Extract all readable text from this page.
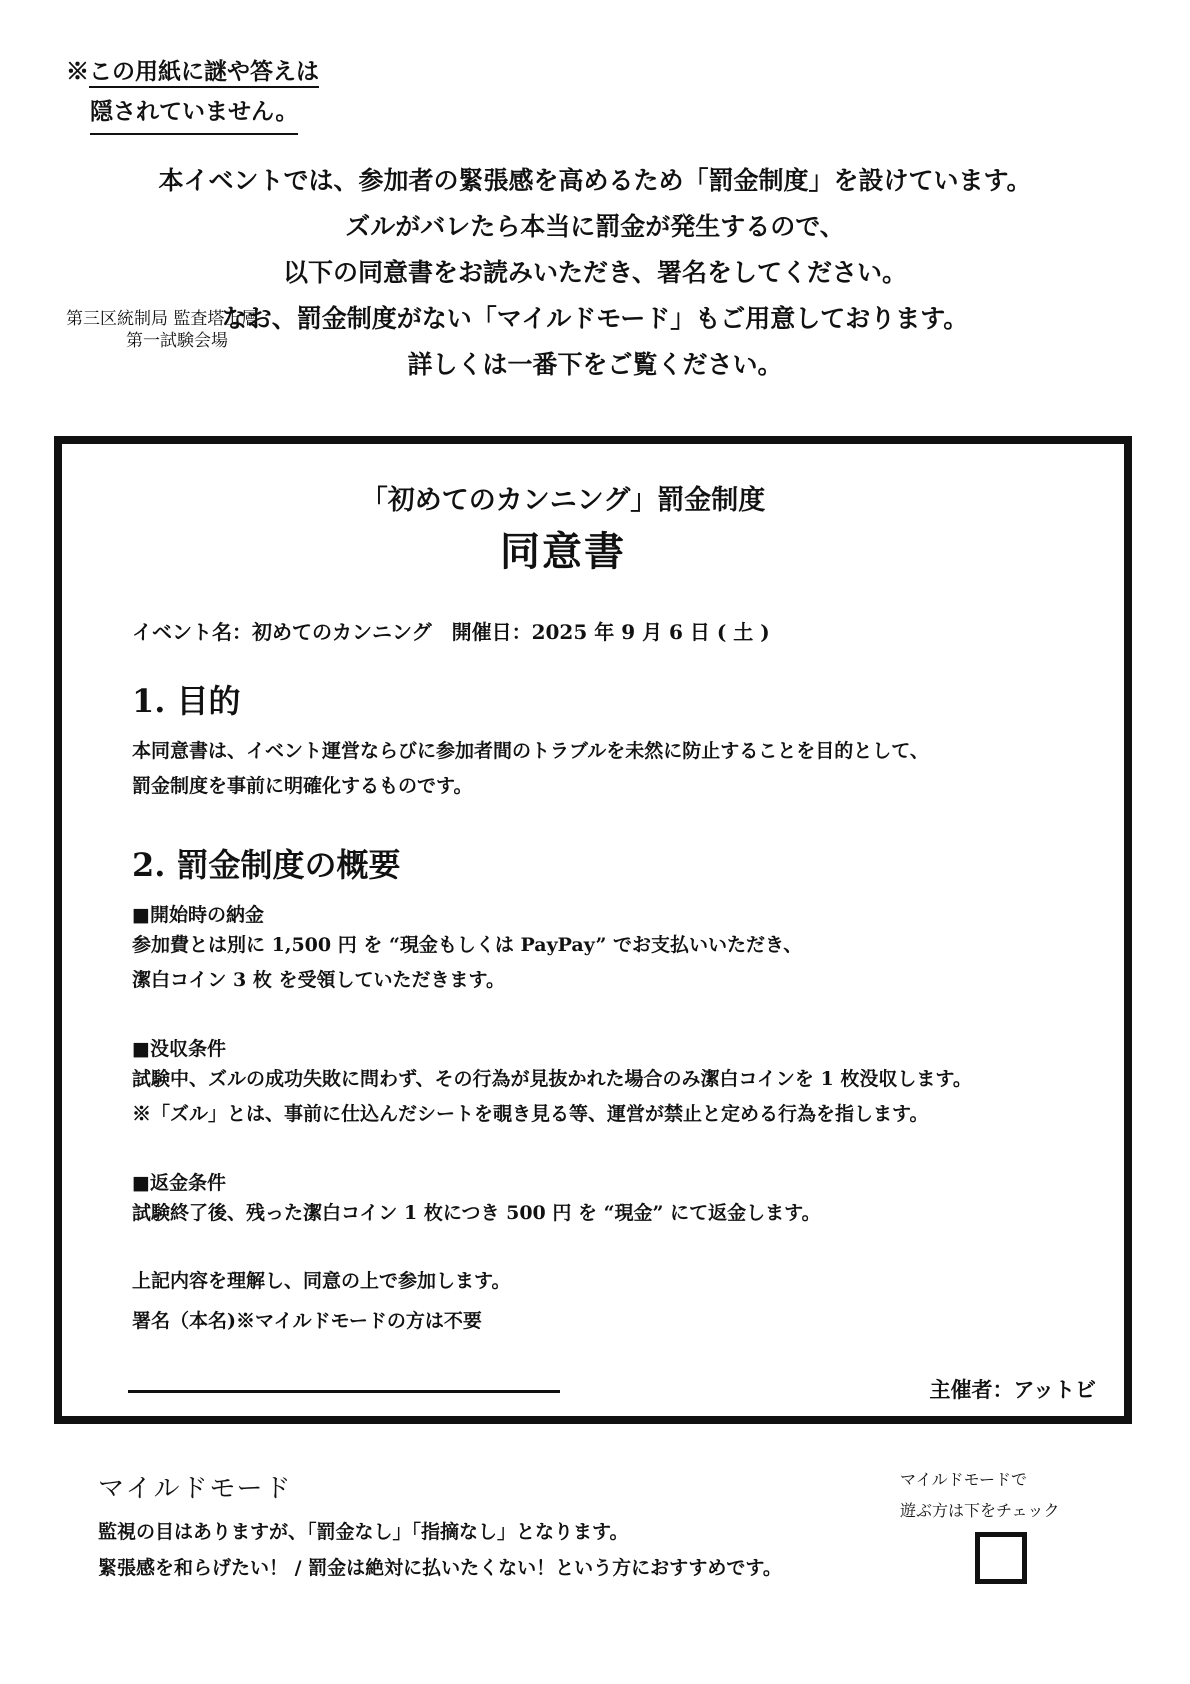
※この用紙に謎や答えは
隠されていません。

本イベントでは、参加者の緊張感を高めるため「罰金制度」を設けています。

ズルがバレたら本当に罰金が発生するので、

以下の同意書をお読みいただき、署名をしてください。

なお、罰金制度がない「マイルドモード」もご用意しております。

詳しくは一番下をご覧ください。

第三区統制局 監査塔上層
第一試験会場
「初めてのカンニング」罰金制度
同意書
イベント名：初めてのカンニング　開催日：2025 年 9 月 6 日 ( 土 )
1. 目的
本同意書は、イベント運営ならびに参加者間のトラブルを未然に防止することを目的として、
罰金制度を事前に明確化するものです。
2. 罰金制度の概要
■開始時の納金
参加費とは別に 1,500 円 を “現金もしくは PayPay” でお支払いいただき、
潔白コイン 3 枚 を受領していただきます。
■没収条件
試験中、ズルの成功失敗に問わず、その行為が見抜かれた場合のみ潔白コインを 1 枚没収します。
※「ズル」とは、事前に仕込んだシートを覗き見る等、運営が禁止と定める行為を指します。
■返金条件
試験終了後、残った潔白コイン 1 枚につき 500 円 を “現金” にて返金します。
上記内容を理解し、同意の上で参加します。
署名（本名)※マイルドモードの方は不要
主催者：アットビ
マイルドモード

監視の目はありますが、「罰金なし」「指摘なし」となります。

緊張感を和らげたい！ / 罰金は絶対に払いたくない！という方におすすめです。

マイルドモードで
遊ぶ方は下をチェック
